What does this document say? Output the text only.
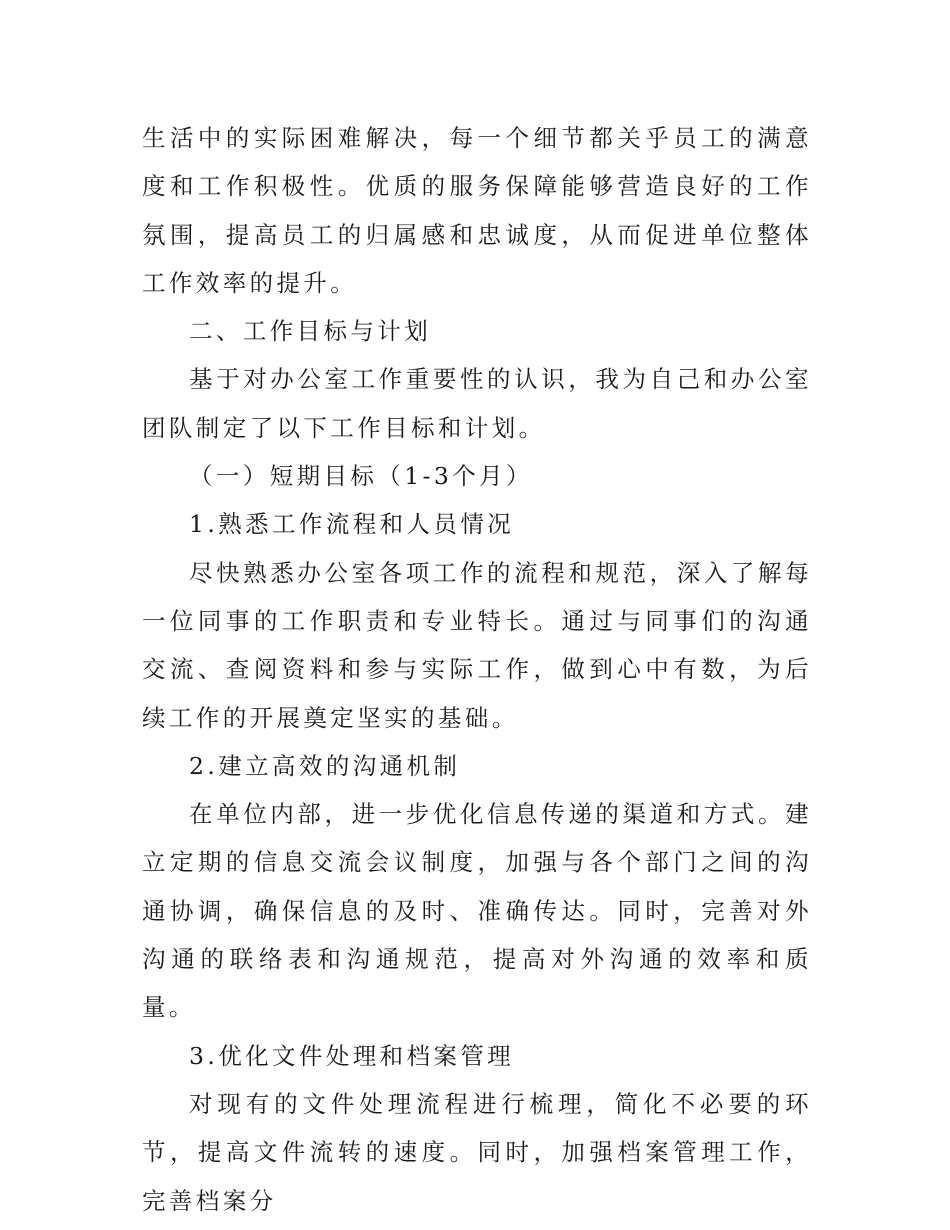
生活中的实际困难解决，每一个细节都关乎员工的满意度和工作积极性。优质的服务保障能够营造良好的工作氛围，提高员工的归属感和忠诚度，从而促进单位整体工作效率的提升。

二、工作目标与计划

基于对办公室工作重要性的认识，我为自己和办公室团队制定了以下工作目标和计划。

（一）短期目标（1-3个月）

1.熟悉工作流程和人员情况

尽快熟悉办公室各项工作的流程和规范，深入了解每一位同事的工作职责和专业特长。通过与同事们的沟通交流、查阅资料和参与实际工作，做到心中有数，为后续工作的开展奠定坚实的基础。

2.建立高效的沟通机制

在单位内部，进一步优化信息传递的渠道和方式。建立定期的信息交流会议制度，加强与各个部门之间的沟通协调，确保信息的及时、准确传达。同时，完善对外沟通的联络表和沟通规范，提高对外沟通的效率和质量。

3.优化文件处理和档案管理

对现有的文件处理流程进行梳理，简化不必要的环节，提高文件流转的速度。同时，加强档案管理工作，完善档案分
